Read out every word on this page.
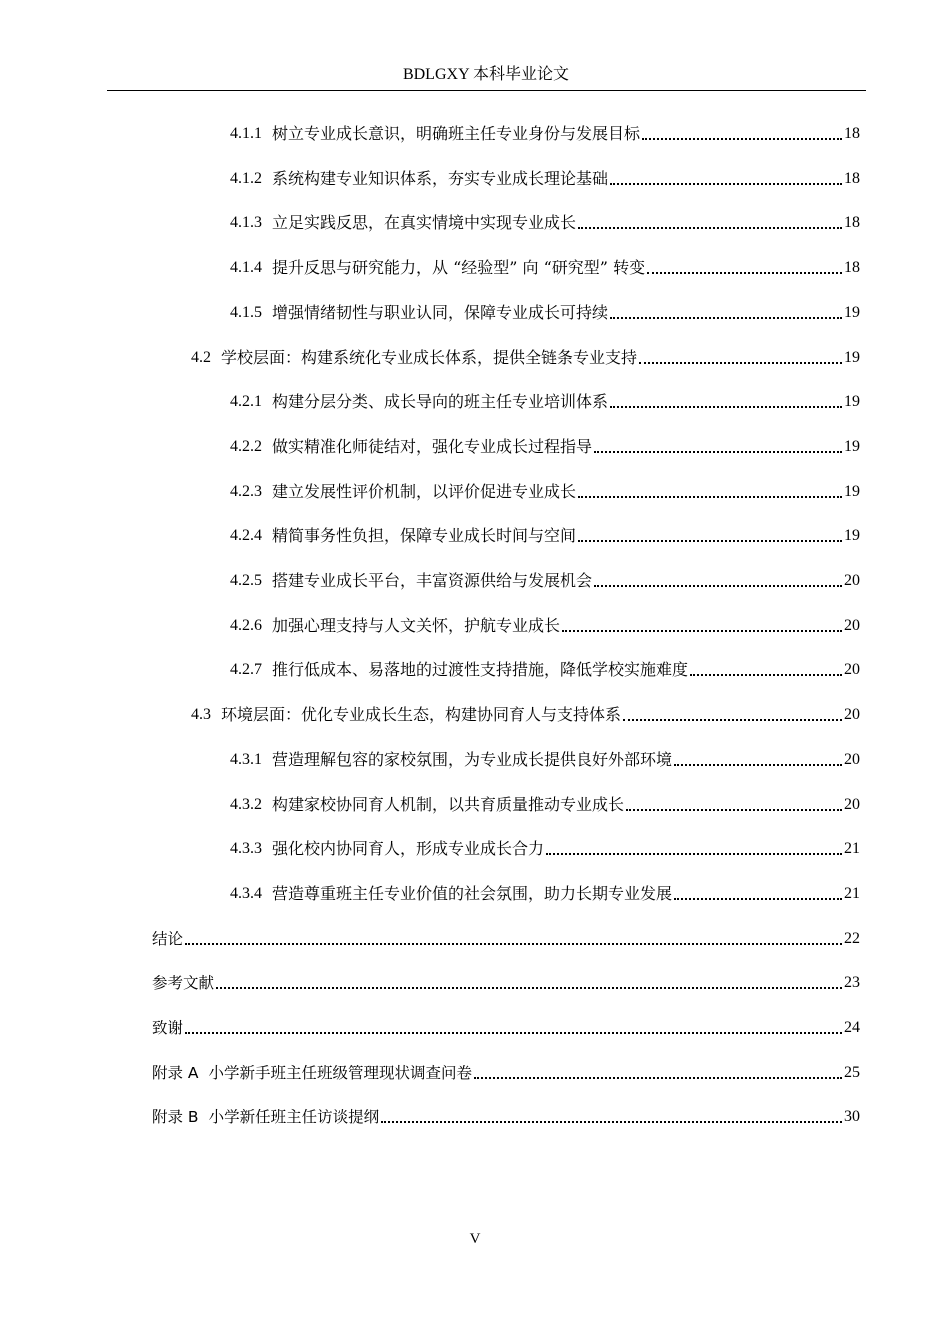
BDLGXY 本科毕业论文
4.1.1 树立专业成长意识，明确班主任专业身份与发展目标	18
4.1.2 系统构建专业知识体系，夯实专业成长理论基础	18
4.1.3 立足实践反思，在真实情境中实现专业成长	18
4.1.4 提升反思与研究能力，从 “经验型” 向 “研究型” 转变	18
4.1.5 增强情绪韧性与职业认同，保障专业成长可持续	19
4.2 学校层面：构建系统化专业成长体系，提供全链条专业支持	19
4.2.1 构建分层分类、成长导向的班主任专业培训体系	19
4.2.2 做实精准化师徒结对，强化专业成长过程指导	19
4.2.3 建立发展性评价机制，以评价促进专业成长	19
4.2.4 精简事务性负担，保障专业成长时间与空间	19
4.2.5 搭建专业成长平台，丰富资源供给与发展机会	20
4.2.6 加强心理支持与人文关怀，护航专业成长	20
4.2.7 推行低成本、易落地的过渡性支持措施，降低学校实施难度	20
4.3 环境层面：优化专业成长生态，构建协同育人与支持体系	20
4.3.1 营造理解包容的家校氛围，为专业成长提供良好外部环境	20
4.3.2 构建家校协同育人机制，以共育质量推动专业成长	20
4.3.3 强化校内协同育人，形成专业成长合力	21
4.3.4 营造尊重班主任专业价值的社会氛围，助力长期专业发展	21
结论	22
参考文献	23
致谢	24
附录 A 小学新手班主任班级管理现状调查问卷	25
附录 B 小学新任班主任访谈提纲	30
V
